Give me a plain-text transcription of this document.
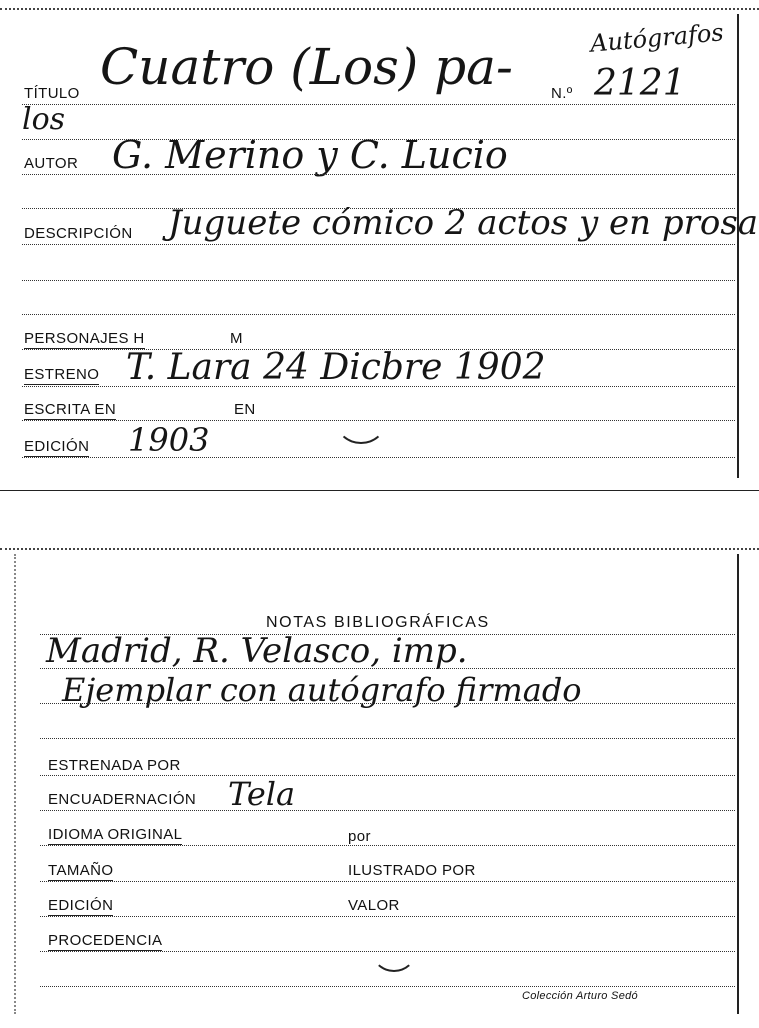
TÍTULO Cuatro (Los) pa-	N.º 2121
Autógrafos
los
AUTOR G. Merino y C. Lucio
DESCRIPCIÓN Juguete cómico 2 actos y en prosa
PERSONAJES H	M
ESTRENO T. Lara 24 Dicbre 1902
ESCRITA EN	EN
EDICIÓN 1903
NOTAS BIBLIOGRÁFICAS
Madrid, R. Velasco, imp.
Ejemplar con autógrafo firmado
ESTRENADA POR
ENCUADERNACIÓN Tela
IDIOMA ORIGINAL	por
TAMAÑO	ILUSTRADO POR
EDICIÓN	VALOR
PROCEDENCIA
Colección Arturo Sedó
